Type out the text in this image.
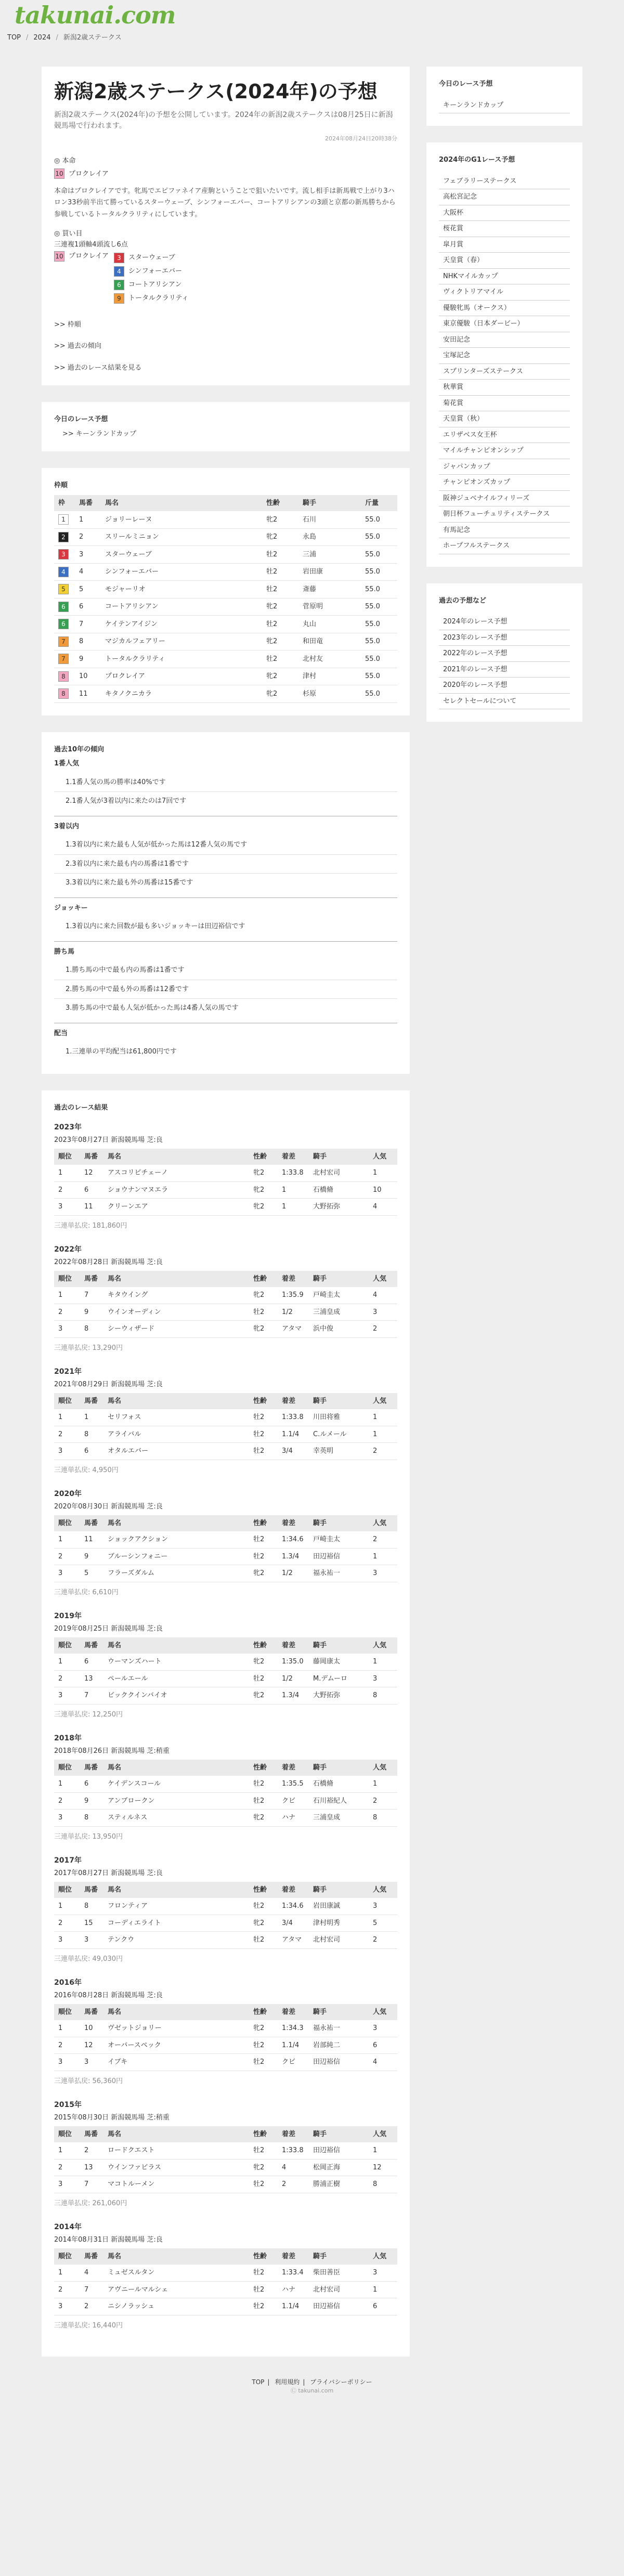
takunai.com
TOP / 2024 / 新潟2歳ステークス
新潟2歳ステークス(2024年)の予想

新潟2歳ステークス(2024年)の予想を公開しています。2024年の新潟2歳ステークスは08月25日に新潟競馬場で行われます。

2024年08月24日20時38分

◎ 本命
10 プロクレイア

本命はプロクレイアです。牝馬でエピファネイア産駒ということで狙いたいです。流し相手は新馬戦で上がり3ハロン33秒前半出て勝っているスターウェーブ、シンフォーエバー、コートアリシアンの3頭と京都の新馬勝ちから参戦しているトータルクラリティにしています。

◎ 買い目
三連複1頭軸4頭流し6点
10 プロクレイア	3	スターウェーブ
4	シンフォーエバー
6	コートアリシアン
9	トータルクラリティ
>> 枠順
>> 過去の傾向
>> 過去のレース結果を見る
今日のレース予想
>> キーンランドカップ
枠順
枠	馬番	馬名	性齢	騎手	斤量
1	1	ジョリーレーヌ	牝2	石川	55.0
2	2	スリールミニョン	牝2	永島	55.0
3	3	スターウェーブ	牡2	三浦	55.0
4	4	シンフォーエバー	牡2	岩田康	55.0
5	5	モジャーリオ	牡2	斎藤	55.0
6	6	コートアリシアン	牝2	菅原明	55.0
6	7	ケイテンアイジン	牡2	丸山	55.0
7	8	マジカルフェアリー	牝2	和田竜	55.0
7	9	トータルクラリティ	牡2	北村友	55.0
8	10	プロクレイア	牝2	津村	55.0
8	11	キタノクニカラ	牝2	杉原	55.0
過去10年の傾向
1番人気
1.1番人気の馬の勝率は40%です
2.1番人気が3着以内に来たのは7回です
3着以内
1.3着以内に来た最も人気が低かった馬は12番人気の馬です
2.3着以内に来た最も内の馬番は1番です
3.3着以内に来た最も外の馬番は15番です
ジョッキー
1.3着以内に来た回数が最も多いジョッキーは田辺裕信です
勝ち馬
1.勝ち馬の中で最も内の馬番は1番です
2.勝ち馬の中で最も外の馬番は12番です
3.勝ち馬の中で最も人気が低かった馬は4番人気の馬です
配当
1.三連単の平均配当は61,800円です
過去のレース結果
2023年
2023年08月27日 新潟競馬場 芝:良
順位	馬番	馬名	性齢	着差	騎手	人気
1	12	アスコリピチェーノ	牝2	1:33.8	北村宏司	1
2	6	ショウナンマヌエラ	牝2	1	石橋脩	10
3	11	クリーンエア	牝2	1	大野拓弥	4
三連単払戻: 181,860円
2022年
2022年08月28日 新潟競馬場 芝:良
順位	馬番	馬名	性齢	着差	騎手	人気
1	7	キタウイング	牝2	1:35.9	戸崎圭太	4
2	9	ウインオーディン	牡2	1/2	三浦皇成	3
3	8	シーウィザード	牝2	アタマ	浜中俊	2
三連単払戻: 13,290円
2021年
2021年08月29日 新潟競馬場 芝:良
順位	馬番	馬名	性齢	着差	騎手	人気
1	1	セリフォス	牡2	1:33.8	川田将雅	1
2	8	アライバル	牡2	1.1/4	C.ルメール	1
3	6	オタルエバー	牡2	3/4	幸英明	2
三連単払戻: 4,950円
2020年
2020年08月30日 新潟競馬場 芝:良
順位	馬番	馬名	性齢	着差	騎手	人気
1	11	ショックアクション	牡2	1:34.6	戸崎圭太	2
2	9	ブルーシンフォニー	牡2	1.3/4	田辺裕信	1
3	5	フラーズダルム	牝2	1/2	福永祐一	3
三連単払戻: 6,610円
2019年
2019年08月25日 新潟競馬場 芝:良
順位	馬番	馬名	性齢	着差	騎手	人気
1	6	ウーマンズハート	牝2	1:35.0	藤岡康太	1
2	13	ペールエール	牡2	1/2	M.デムーロ	3
3	7	ビッククインバイオ	牝2	1.3/4	大野拓弥	8
三連単払戻: 12,250円
2018年
2018年08月26日 新潟競馬場 芝:稍重
順位	馬番	馬名	性齢	着差	騎手	人気
1	6	ケイデンスコール	牡2	1:35.5	石橋脩	1
2	9	アンブロークン	牡2	クビ	石川裕紀人	2
3	8	スティルネス	牝2	ハナ	三浦皇成	8
三連単払戻: 13,950円
2017年
2017年08月27日 新潟競馬場 芝:良
順位	馬番	馬名	性齢	着差	騎手	人気
1	8	フロンティア	牡2	1:34.6	岩田康誠	3
2	15	コーディエライト	牝2	3/4	津村明秀	5
3	3	テンクウ	牡2	アタマ	北村宏司	2
三連単払戻: 49,030円
2016年
2016年08月28日 新潟競馬場 芝:良
順位	馬番	馬名	性齢	着差	騎手	人気
1	10	ヴゼットジョリー	牝2	1:34.3	福永祐一	3
2	12	オーバースペック	牡2	1.1/4	岩部純二	6
3	3	イブキ	牡2	クビ	田辺裕信	4
三連単払戻: 56,360円
2015年
2015年08月30日 新潟競馬場 芝:稍重
順位	馬番	馬名	性齢	着差	騎手	人気
1	2	ロードクエスト	牡2	1:33.8	田辺裕信	1
2	13	ウインファビラス	牝2	4	松岡正海	12
3	7	マコトルーメン	牡2	2	勝浦正樹	8
三連単払戻: 261,060円
2014年
2014年08月31日 新潟競馬場 芝:良
順位	馬番	馬名	性齢	着差	騎手	人気
1	4	ミュゼスルタン	牡2	1:33.4	柴田善臣	3
2	7	アヴニールマルシェ	牡2	ハナ	北村宏司	1
3	2	ニシノラッシュ	牡2	1.1/4	田辺裕信	6
三連単払戻: 16,440円
今日のレース予想
キーンランドカップ
2024年のG1レース予想
フェブラリーステークス
高松宮記念
大阪杯
桜花賞
皐月賞
天皇賞（春）
NHKマイルカップ
ヴィクトリアマイル
優駿牝馬（オークス）
東京優駿（日本ダービー）
安田記念
宝塚記念
スプリンターズステークス
秋華賞
菊花賞
天皇賞（秋）
エリザベス女王杯
マイルチャンピオンシップ
ジャパンカップ
チャンピオンズカップ
阪神ジュベナイルフィリーズ
朝日杯フューチュリティステークス
有馬記念
ホープフルステークス
過去の予想など
2024年のレース予想
2023年のレース予想
2022年のレース予想
2021年のレース予想
2020年のレース予想
セレクトセールについて
TOP | 利用規約 | プライバシーポリシー
Ⓒ takunai.com
